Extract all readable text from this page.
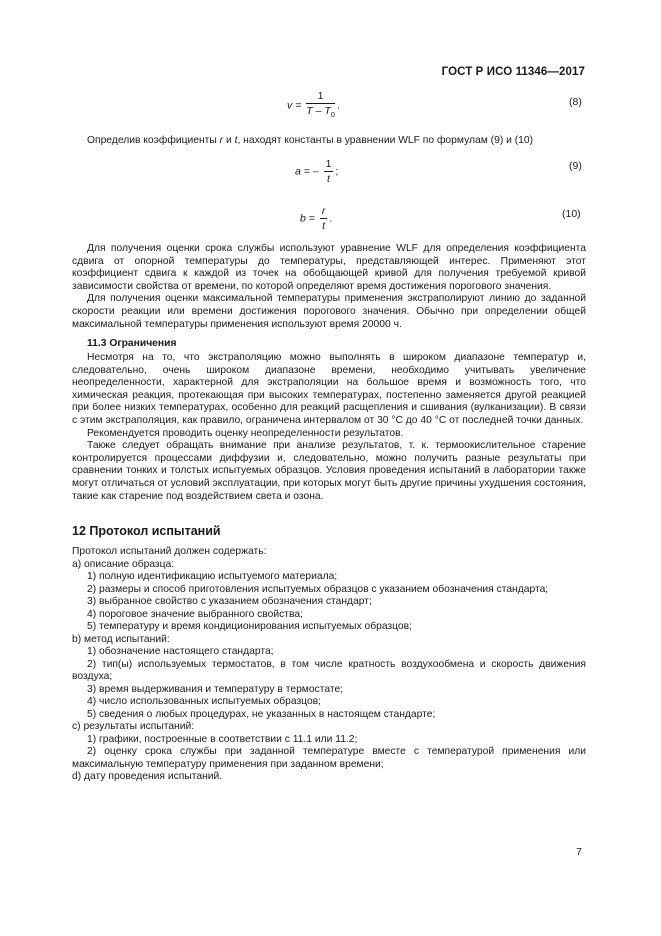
ГОСТ Р ИСО 11346—2017
$v = \frac{1}{T - T_0}$ .	(8)

Определив коэффициенты r и t, находят константы в уравнении WLF по формулам (9) и (10)

a = – $\frac{1}{t}$ ;	(9)
$b = \frac{r}{t}$ .	(10)

Для получения оценки срока службы используют уравнение WLF для определения коэффициента сдвига от опорной температуры до температуры, представляющей интерес. Применяют этот коэффициент сдвига к каждой из точек на обобщающей кривой для получения требуемой кривой зависимости свойства от времени, по которой определяют время достижения порогового значения.

Для получения оценки максимальной температуры применения экстраполируют линию до заданной скорости реакции или времени достижения порогового значения. Обычно при определении общей максимальной температуры применения используют время 20000 ч.

11.3 Ограничения

Несмотря на то, что экстраполяцию можно выполнять в широком диапазоне температур и, следовательно, очень широком диапазоне времени, необходимо учитывать увеличение неопределенности, характерной для экстраполяции на большое время и возможность того, что химическая реакция, протекающая при высоких температурах, постепенно заменяется другой реакцией при более низких температурах, особенно для реакций расщепления и сшивания (вулканизации). В связи с этим экстраполяция, как правило, ограничена интервалом от 30 °С до 40 °С от последней точки данных.

Рекомендуется проводить оценку неопределенности результатов.

Также следует обращать внимание при анализе результатов, т. к. термоокислительное старение контролируется процессами диффузии и, следовательно, можно получить разные результаты при сравнении тонких и толстых испытуемых образцов. Условия проведения испытаний в лаборатории также могут отличаться от условий эксплуатации, при которых могут быть другие причины ухудшения состояния, такие как старение под воздействием света и озона.

12 Протокол испытаний
Протокол испытаний должен содержать:
a) описание образца:
1) полную идентификацию испытуемого материала;
2) размеры и способ приготовления испытуемых образцов с указанием обозначения стандарта;
3) выбранное свойство с указанием обозначения стандарт;
4) пороговое значение выбранного свойства;
5) температуру и время кондиционирования испытуемых образцов;
b) метод испытаний:
1) обозначение настоящего стандарта;
2) тип(ы) используемых термостатов, в том числе кратность воздухообмена и скорость движения воздуха;
3) время выдерживания и температуру в термостате;
4) число использованных испытуемых образцов;
5) сведения о любых процедурах, не указанных в настоящем стандарте;
c) результаты испытаний:
1) графики, построенные в соответствии с 11.1 или 11.2;
2) оценку срока службы при заданной температуре вместе с температурой применения или максимальную температуру применения при заданном времени;
d) дату проведения испытаний.
7
